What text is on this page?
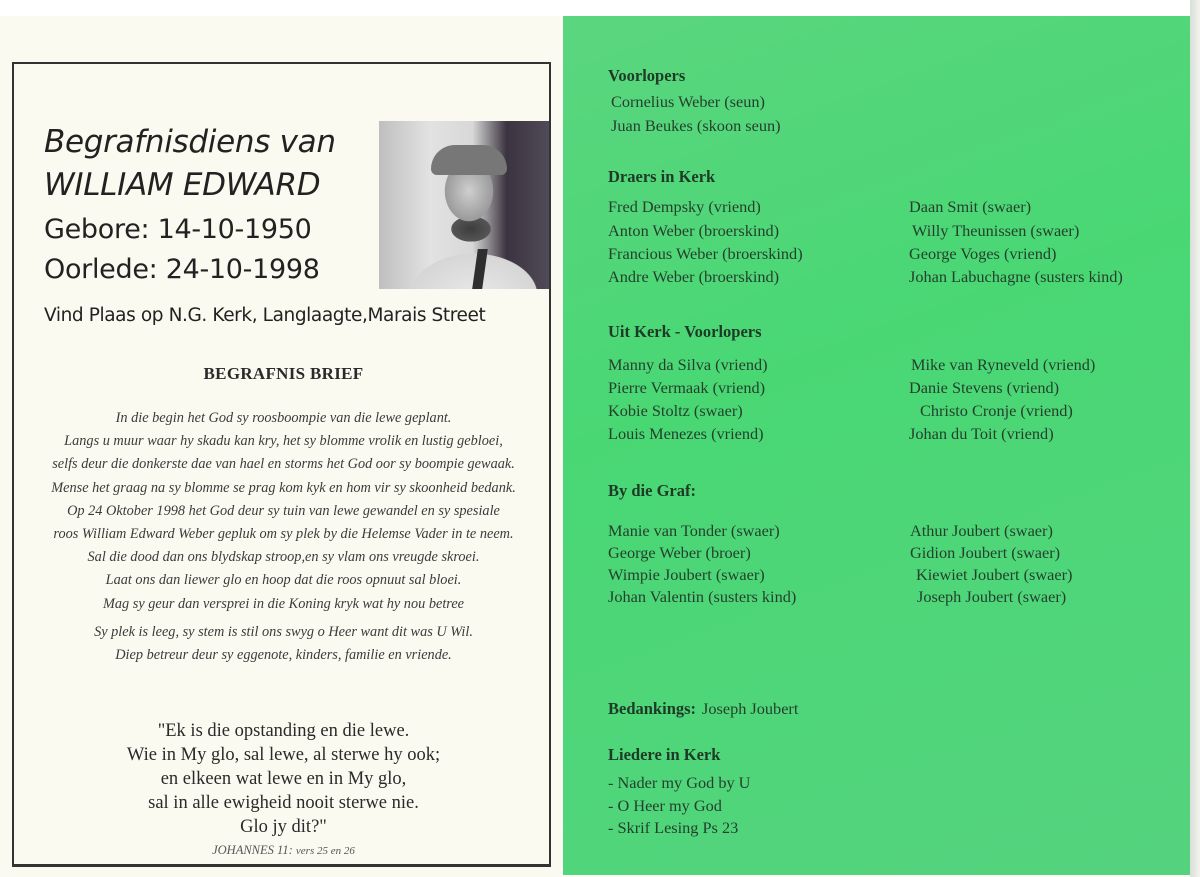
Begrafnisdiens van
WILLIAM EDWARD
Gebore: 14-10-1950
Oorlede: 24-10-1998
Vind Plaas op N.G. Kerk, Langlaagte,Marais Street
BEGRAFNIS BRIEF
In die begin het God sy roosboompie van die lewe geplant.
Langs u muur waar hy skadu kan kry, het sy blomme vrolik en lustig gebloei,
selfs deur die donkerste dae van hael en storms het God oor sy boompie gewaak.
Mense het graag na sy blomme se prag kom kyk en hom vir sy skoonheid bedank.
Op 24 Oktober 1998 het God deur sy tuin van lewe gewandel en sy spesiale
roos William Edward Weber gepluk om sy plek by die Helemse Vader in te neem.
Sal die dood dan ons blydskap stroop,en sy vlam ons vreugde skroei.
Laat ons dan liewer glo en hoop dat die roos opnuut sal bloei.
Mag sy geur dan versprei in die Koning kryk wat hy nou betree
Sy plek is leeg, sy stem is stil ons swyg o Heer want dit was U Wil.
Diep betreur deur sy eggenote, kinders, familie en vriende.
"Ek is die opstanding en die lewe.
Wie in My glo, sal lewe, al sterwe hy ook;
en elkeen wat lewe en in My glo,
sal in alle ewigheid nooit sterwe nie.
Glo jy dit?"
JOHANNES 11: vers 25 en 26
Voorlopers
Cornelius Weber (seun)
Juan Beukes (skoon seun)
Draers in Kerk
Fred Dempsky (vriend)
Anton Weber (broerskind)
Francious Weber (broerskind)
Andre Weber (broerskind)
Daan Smit (swaer)
Willy Theunissen (swaer)
George Voges (vriend)
Johan Labuchagne (susters kind)
Uit Kerk - Voorlopers
Manny da Silva (vriend)
Pierre Vermaak (vriend)
Kobie Stoltz (swaer)
Louis Menezes (vriend)
Mike van Ryneveld (vriend)
Danie Stevens (vriend)
Christo Cronje (vriend)
Johan du Toit (vriend)
By die Graf:
Manie van Tonder (swaer)
George Weber (broer)
Wimpie Joubert (swaer)
Johan Valentin (susters kind)
Athur Joubert (swaer)
Gidion Joubert (swaer)
Kiewiet Joubert (swaer)
Joseph Joubert (swaer)
Bedankings: Joseph Joubert
Liedere in Kerk
- Nader my God by U
- O Heer my God
- Skrif Lesing Ps 23
